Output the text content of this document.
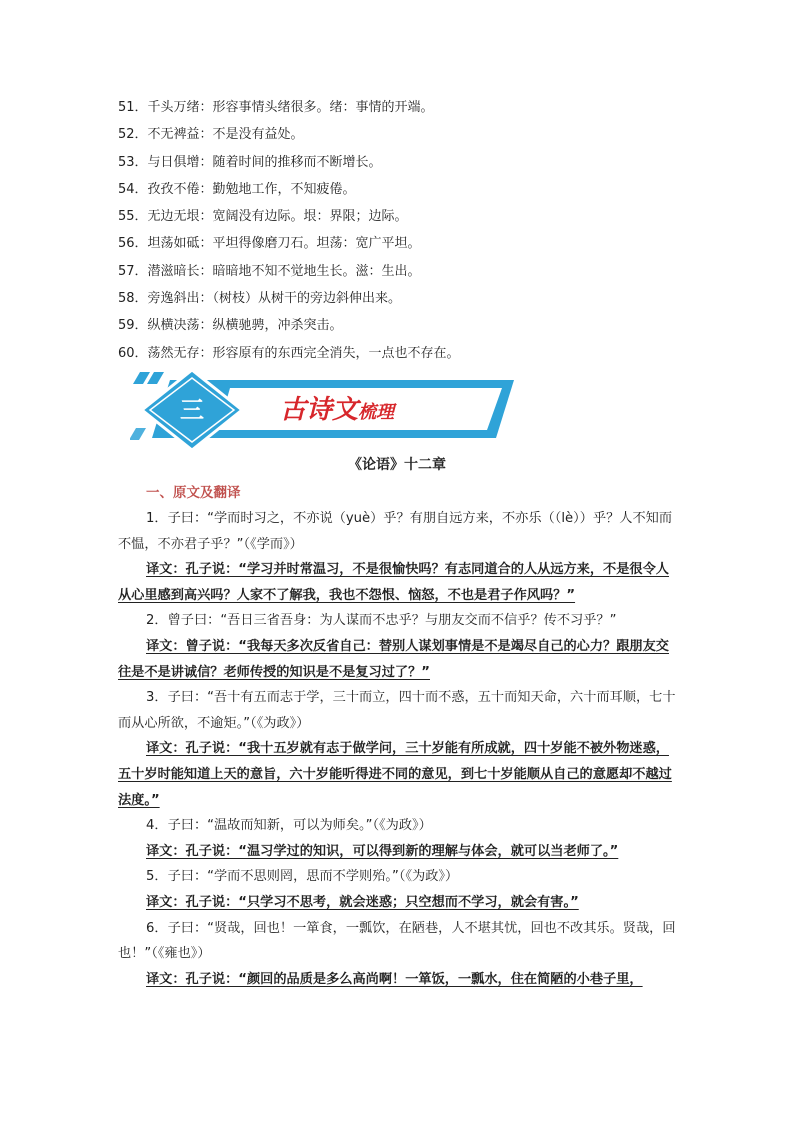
51．千头万绪：形容事情头绪很多。绪：事情的开端。
52．不无裨益：不是没有益处。
53．与日俱增：随着时间的推移而不断增长。
54．孜孜不倦：勤勉地工作，不知疲倦。
55．无边无垠：宽阔没有边际。垠：界限；边际。
56．坦荡如砥：平坦得像磨刀石。坦荡：宽广平坦。
57．潜滋暗长：暗暗地不知不觉地生长。滋：生出。
58．旁逸斜出：（树枝）从树干的旁边斜伸出来。
59．纵横决荡：纵横驰骋，冲杀突击。
60．荡然无存：形容原有的东西完全消失，一点也不存在。
三	古诗文梳理
《论语》十二章
一、原文及翻译

1．子曰：“学而时习之，不亦说（yuè）乎？有朋自远方来，不亦乐（（lè））乎？人不知而不愠，不亦君子乎？”（《学而》）

译文：孔子说：“学习并时常温习，不是很愉快吗？有志同道合的人从远方来，不是很令人从心里感到高兴吗？人家不了解我，我也不怨恨、恼怒，不也是君子作风吗？”

2．曾子曰：“吾日三省吾身：为人谋而不忠乎？与朋友交而不信乎？传不习乎？”

译文：曾子说：“我每天多次反省自己：替别人谋划事情是不是竭尽自己的心力？跟朋友交往是不是讲诚信？老师传授的知识是不是复习过了？”

3．子曰：“吾十有五而志于学，三十而立，四十而不惑，五十而知天命，六十而耳顺，七十而从心所欲，不逾矩。”（《为政》）

译文：孔子说：“我十五岁就有志于做学问，三十岁能有所成就，四十岁能不被外物迷惑，五十岁时能知道上天的意旨，六十岁能听得进不同的意见，到七十岁能顺从自己的意愿却不越过法度。”

4．子曰：“温故而知新，可以为师矣。”（《为政》）

译文：孔子说：“温习学过的知识，可以得到新的理解与体会，就可以当老师了。”

5．子曰：“学而不思则罔，思而不学则殆。”（《为政》）

译文：孔子说：“只学习不思考，就会迷惑；只空想而不学习，就会有害。”

6．子曰：“贤哉，回也！一箪食，一瓢饮，在陋巷，人不堪其忧，回也不改其乐。贤哉，回也！”（《雍也》）

译文：孔子说：“颜回的品质是多么高尚啊！一箪饭，一瓢水，住在简陋的小巷子里，
